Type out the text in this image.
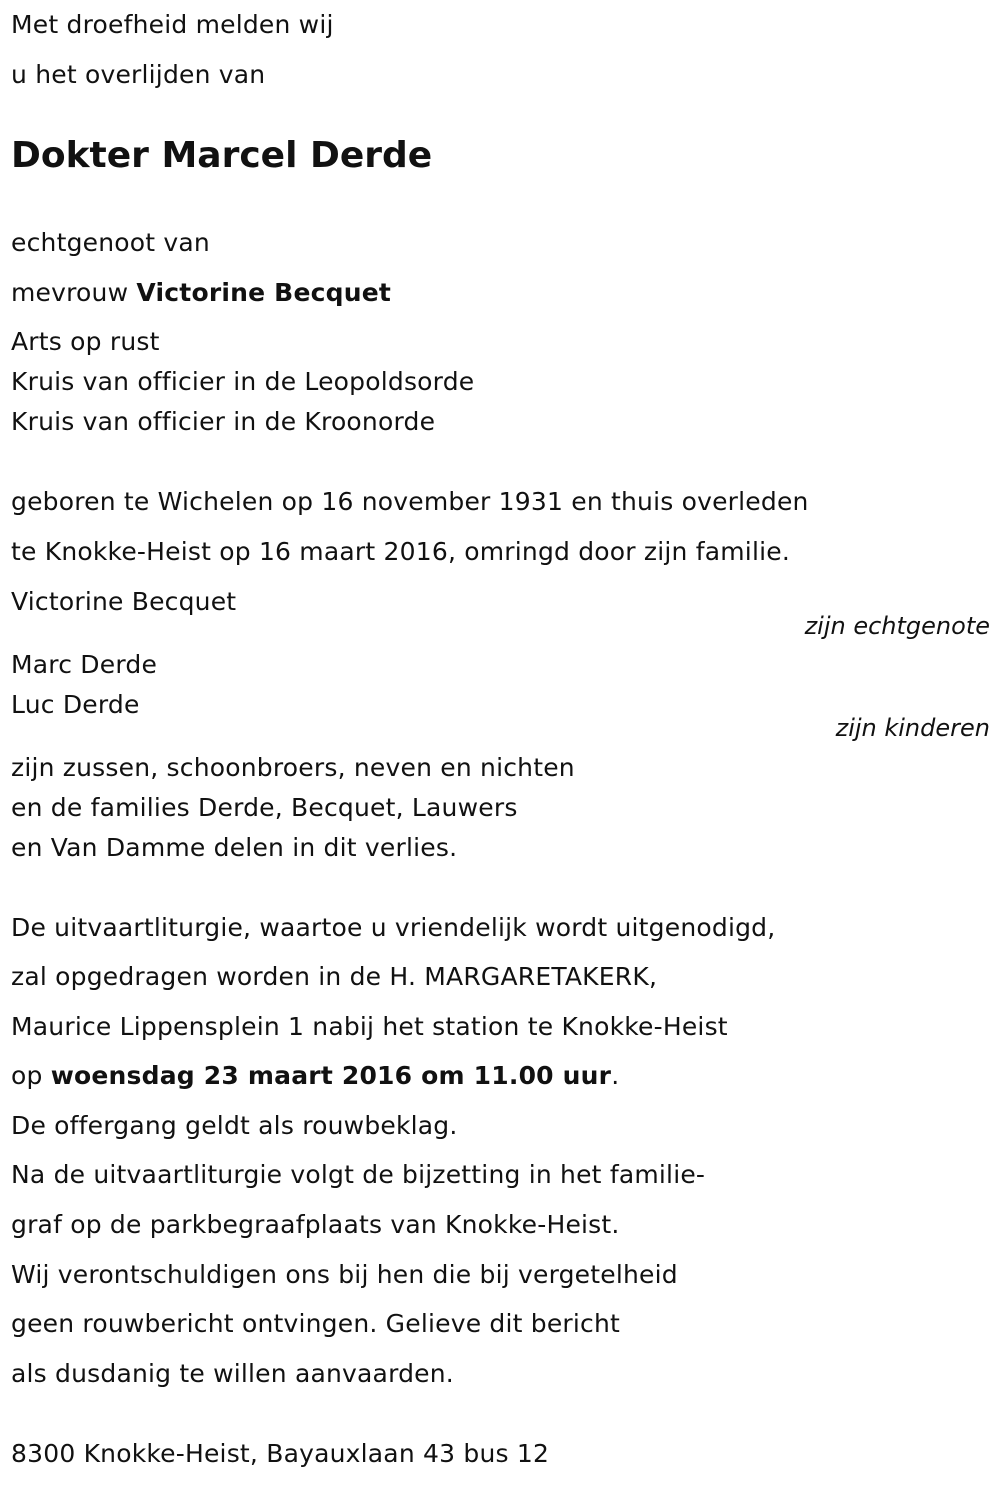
Met droefheid melden wij
u het overlijden van
Dokter Marcel Derde
echtgenoot van
mevrouw Victorine Becquet
Arts op rust
Kruis van officier in de Leopoldsorde
Kruis van officier in de Kroonorde
geboren te Wichelen op 16 november 1931 en thuis overleden
te Knokke-Heist op 16 maart 2016, omringd door zijn familie.
Victorine Becquet
zijn echtgenote
Marc Derde
Luc Derde
zijn kinderen
zijn zussen, schoonbroers, neven en nichten
en de families Derde, Becquet, Lauwers
en Van Damme delen in dit verlies.
De uitvaartliturgie, waartoe u vriendelijk wordt uitgenodigd,
zal opgedragen worden in de H. MARGARETAKERK,
Maurice Lippensplein 1 nabij het station te Knokke-Heist
op woensdag 23 maart 2016 om 11.00 uur.
De offergang geldt als rouwbeklag.
Na de uitvaartliturgie volgt de bijzetting in het familie-
graf op de parkbegraafplaats van Knokke-Heist.
Wij verontschuldigen ons bij hen die bij vergetelheid
geen rouwbericht ontvingen. Gelieve dit bericht
als dusdanig te willen aanvaarden.
8300 Knokke-Heist, Bayauxlaan 43 bus 12
